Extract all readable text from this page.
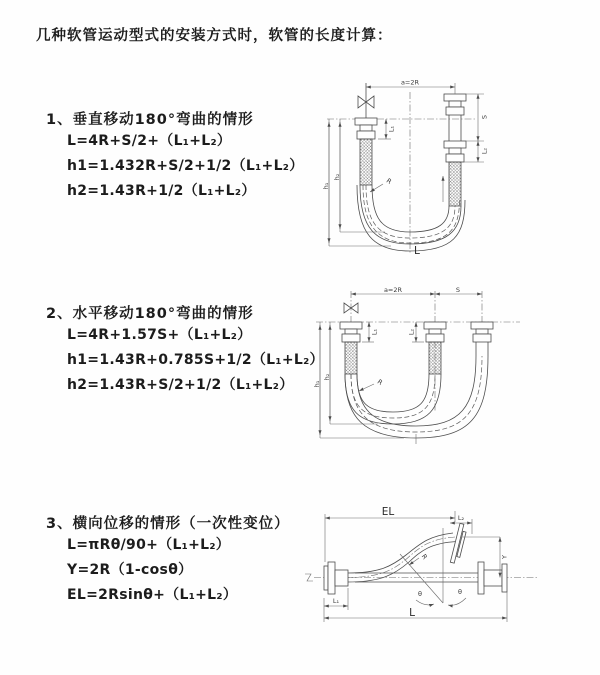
几种软管运动型式的安装方式时，软管的长度计算：
1、垂直移动180°弯曲的情形
L=4R+S/2+（L₁+L₂）
h1=1.432R+S/2+1/2（L₁+L₂）
h2=1.43R+1/2（L₁+L₂）
a=2R
S
L₂
h₁
h₂
L₁
R
L
2、水平移动180°弯曲的情形
L=4R+1.57S+（L₁+L₂）
h1=1.43R+0.785S+1/2（L₁+L₂）
h2=1.43R+S/2+1/2（L₁+L₂）
a=2R	S
h₁
h₂
L₁	L₂
R
3、横向位移的情形（一次性变位）
L=πRθ/90+（L₁+L₂）
Y=2R（1-cosθ）
EL=2Rsinθ+（L₁+L₂）	θ	θ
EL	L₂
Y
L₁
L
R
